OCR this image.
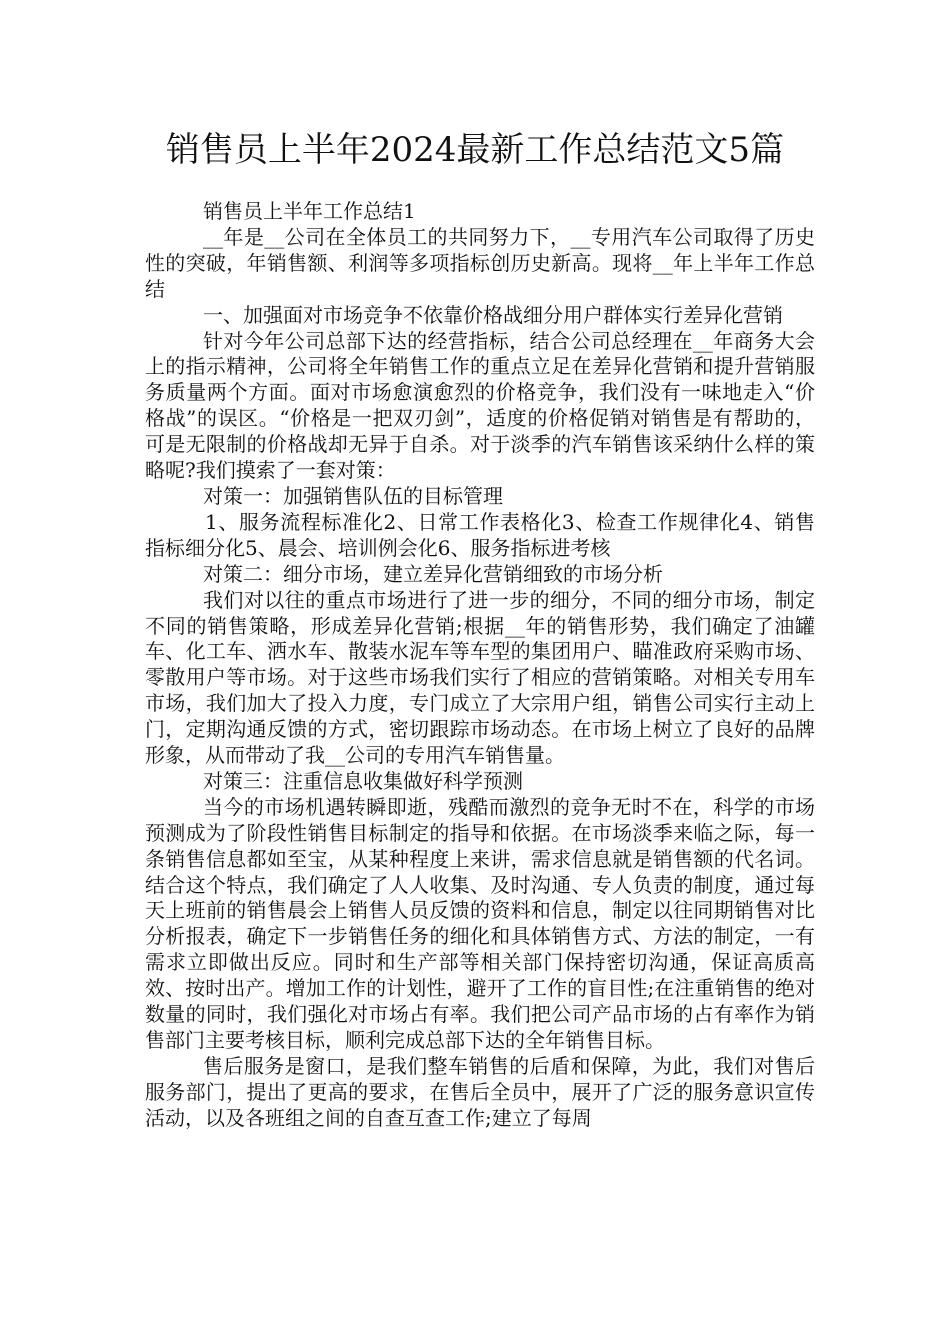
销售员上半年2024最新工作总结范文5篇

销售员上半年工作总结1

__年是__公司在全体员工的共同努力下，__专用汽车公司取得了历史性的突破，年销售额、利润等多项指标创历史新高。现将__年上半年工作总结

一、加强面对市场竞争不依靠价格战细分用户群体实行差异化营销

针对今年公司总部下达的经营指标，结合公司总经理在__年商务大会上的指示精神，公司将全年销售工作的重点立足在差异化营销和提升营销服务质量两个方面。面对市场愈演愈烈的价格竞争，我们没有一味地走入“价格战”的误区。“价格是一把双刃剑”，适度的价格促销对销售是有帮助的，可是无限制的价格战却无异于自杀。对于淡季的汽车销售该采纳什么样的策略呢?我们摸索了一套对策：

对策一：加强销售队伍的目标管理

1、服务流程标准化2、日常工作表格化3、检查工作规律化4、销售指标细分化5、晨会、培训例会化6、服务指标进考核

对策二：细分市场，建立差异化营销细致的市场分析

我们对以往的重点市场进行了进一步的细分，不同的细分市场，制定不同的销售策略，形成差异化营销;根据__年的销售形势，我们确定了油罐车、化工车、洒水车、散装水泥车等车型的集团用户、瞄准政府采购市场、零散用户等市场。对于这些市场我们实行了相应的营销策略。对相关专用车市场，我们加大了投入力度，专门成立了大宗用户组，销售公司实行主动上门，定期沟通反馈的方式，密切跟踪市场动态。在市场上树立了良好的品牌形象，从而带动了我__公司的专用汽车销售量。

对策三：注重信息收集做好科学预测

当今的市场机遇转瞬即逝，残酷而激烈的竞争无时不在，科学的市场预测成为了阶段性销售目标制定的指导和依据。在市场淡季来临之际，每一条销售信息都如至宝，从某种程度上来讲，需求信息就是销售额的代名词。结合这个特点，我们确定了人人收集、及时沟通、专人负责的制度，通过每天上班前的销售晨会上销售人员反馈的资料和信息，制定以往同期销售对比分析报表，确定下一步销售任务的细化和具体销售方式、方法的制定，一有需求立即做出反应。同时和生产部等相关部门保持密切沟通，保证高质高效、按时出产。增加工作的计划性，避开了工作的盲目性;在注重销售的绝对数量的同时，我们强化对市场占有率。我们把公司产品市场的占有率作为销售部门主要考核目标，顺利完成总部下达的全年销售目标。

售后服务是窗口，是我们整车销售的后盾和保障，为此，我们对售后服务部门，提出了更高的要求，在售后全员中，展开了广泛的服务意识宣传活动，以及各班组之间的自查互查工作;建立了每周
